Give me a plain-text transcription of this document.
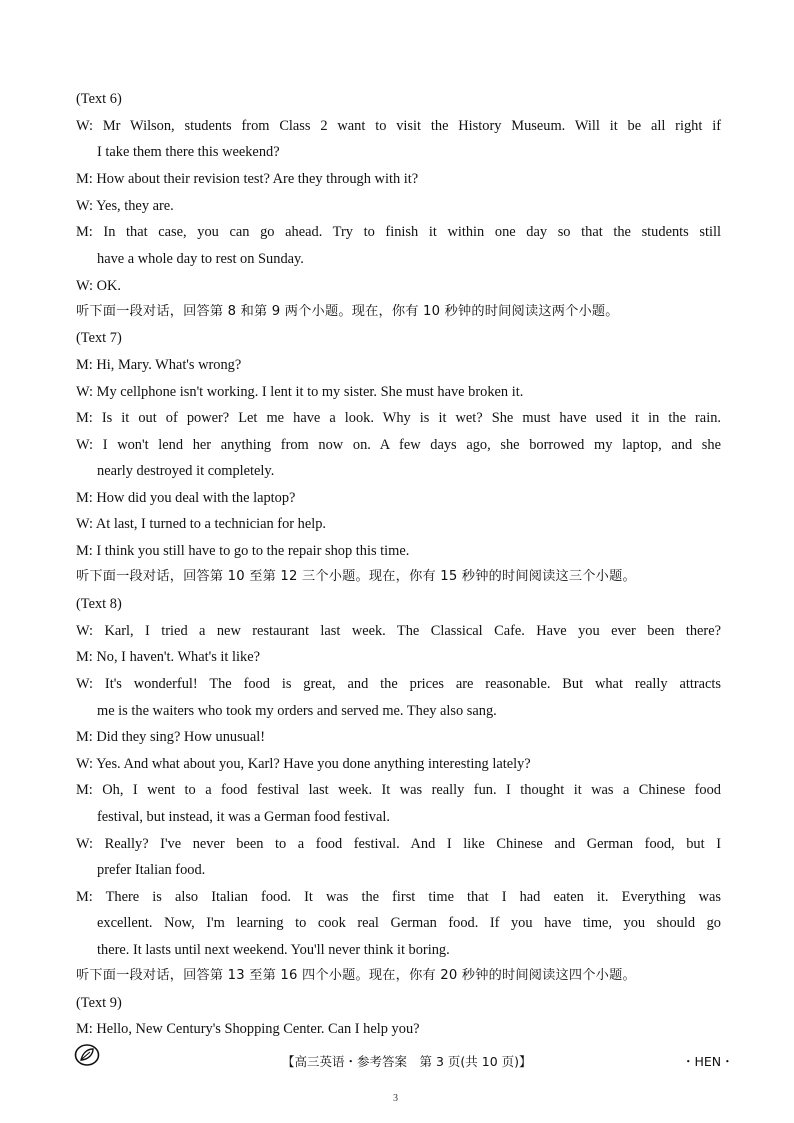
(Text 6)
W: Mr Wilson, students from Class 2 want to visit the History Museum. Will it be all right if
I take them there this weekend?
M: How about their revision test? Are they through with it?
W: Yes, they are.
M: In that case, you can go ahead. Try to finish it within one day so that the students still
have a whole day to rest on Sunday.
W: OK.
听下面一段对话，回答第 8 和第 9 两个小题。现在，你有 10 秒钟的时间阅读这两个小题。
(Text 7)
M: Hi, Mary. What's wrong?
W: My cellphone isn't working. I lent it to my sister. She must have broken it.
M: Is it out of power? Let me have a look. Why is it wet? She must have used it in the rain.
W: I won't lend her anything from now on. A few days ago, she borrowed my laptop, and she
nearly destroyed it completely.
M: How did you deal with the laptop?
W: At last, I turned to a technician for help.
M: I think you still have to go to the repair shop this time.
听下面一段对话，回答第 10 至第 12 三个小题。现在，你有 15 秒钟的时间阅读这三个小题。
(Text 8)
W: Karl, I tried a new restaurant last week. The Classical Cafe. Have you ever been there?
M: No, I haven't. What's it like?
W: It's wonderful! The food is great, and the prices are reasonable. But what really attracts
me is the waiters who took my orders and served me. They also sang.
M: Did they sing? How unusual!
W: Yes. And what about you, Karl? Have you done anything interesting lately?
M: Oh, I went to a food festival last week. It was really fun. I thought it was a Chinese food
festival, but instead, it was a German food festival.
W: Really? I've never been to a food festival. And I like Chinese and German food, but I
prefer Italian food.
M: There is also Italian food. It was the first time that I had eaten it. Everything was
excellent. Now, I'm learning to cook real German food. If you have time, you should go
there. It lasts until next weekend. You'll never think it boring.
听下面一段对话，回答第 13 至第 16 四个小题。现在，你有 20 秒钟的时间阅读这四个小题。
(Text 9)
M: Hello, New Century's Shopping Center. Can I help you?
【高三英语・参考答案　第 3 页(共 10 页)】	・HEN・
3
